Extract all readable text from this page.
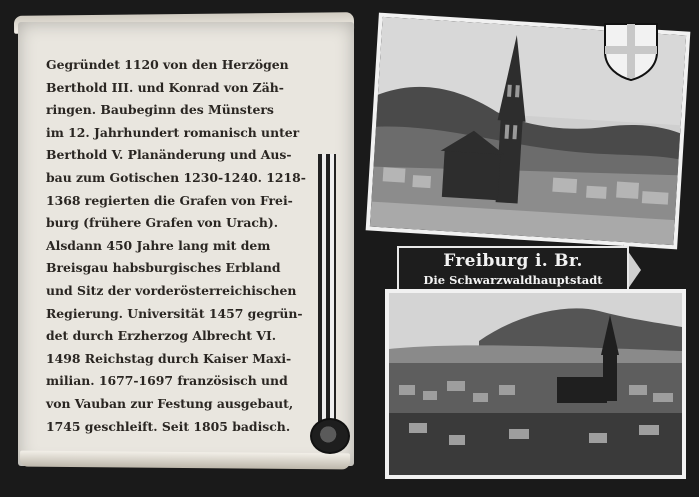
Gegründet 1120 von den Herzögen
Berthold III. und Konrad von Zäh-
ringen. Baubeginn des Münsters
im 12. Jahrhundert romanisch unter
Berthold V. Planänderung und Aus-
bau zum Gotischen 1230-1240. 1218-
1368 regierten die Grafen von Frei-
burg (frühere Grafen von Urach).
Alsdann 450 Jahre lang mit dem
Breisgau habsburgisches Erbland
und Sitz der vorderösterreichischen
Regierung. Universität 1457 gegrün-
det durch Erzherzog Albrecht VI.
1498 Reichstag durch Kaiser Maxi-
milian. 1677-1697 französisch und
von Vauban zur Festung ausgebaut,
1745 geschleift. Seit 1805 badisch.
Freiburg i. Br.
Die Schwarzwaldhauptstadt
